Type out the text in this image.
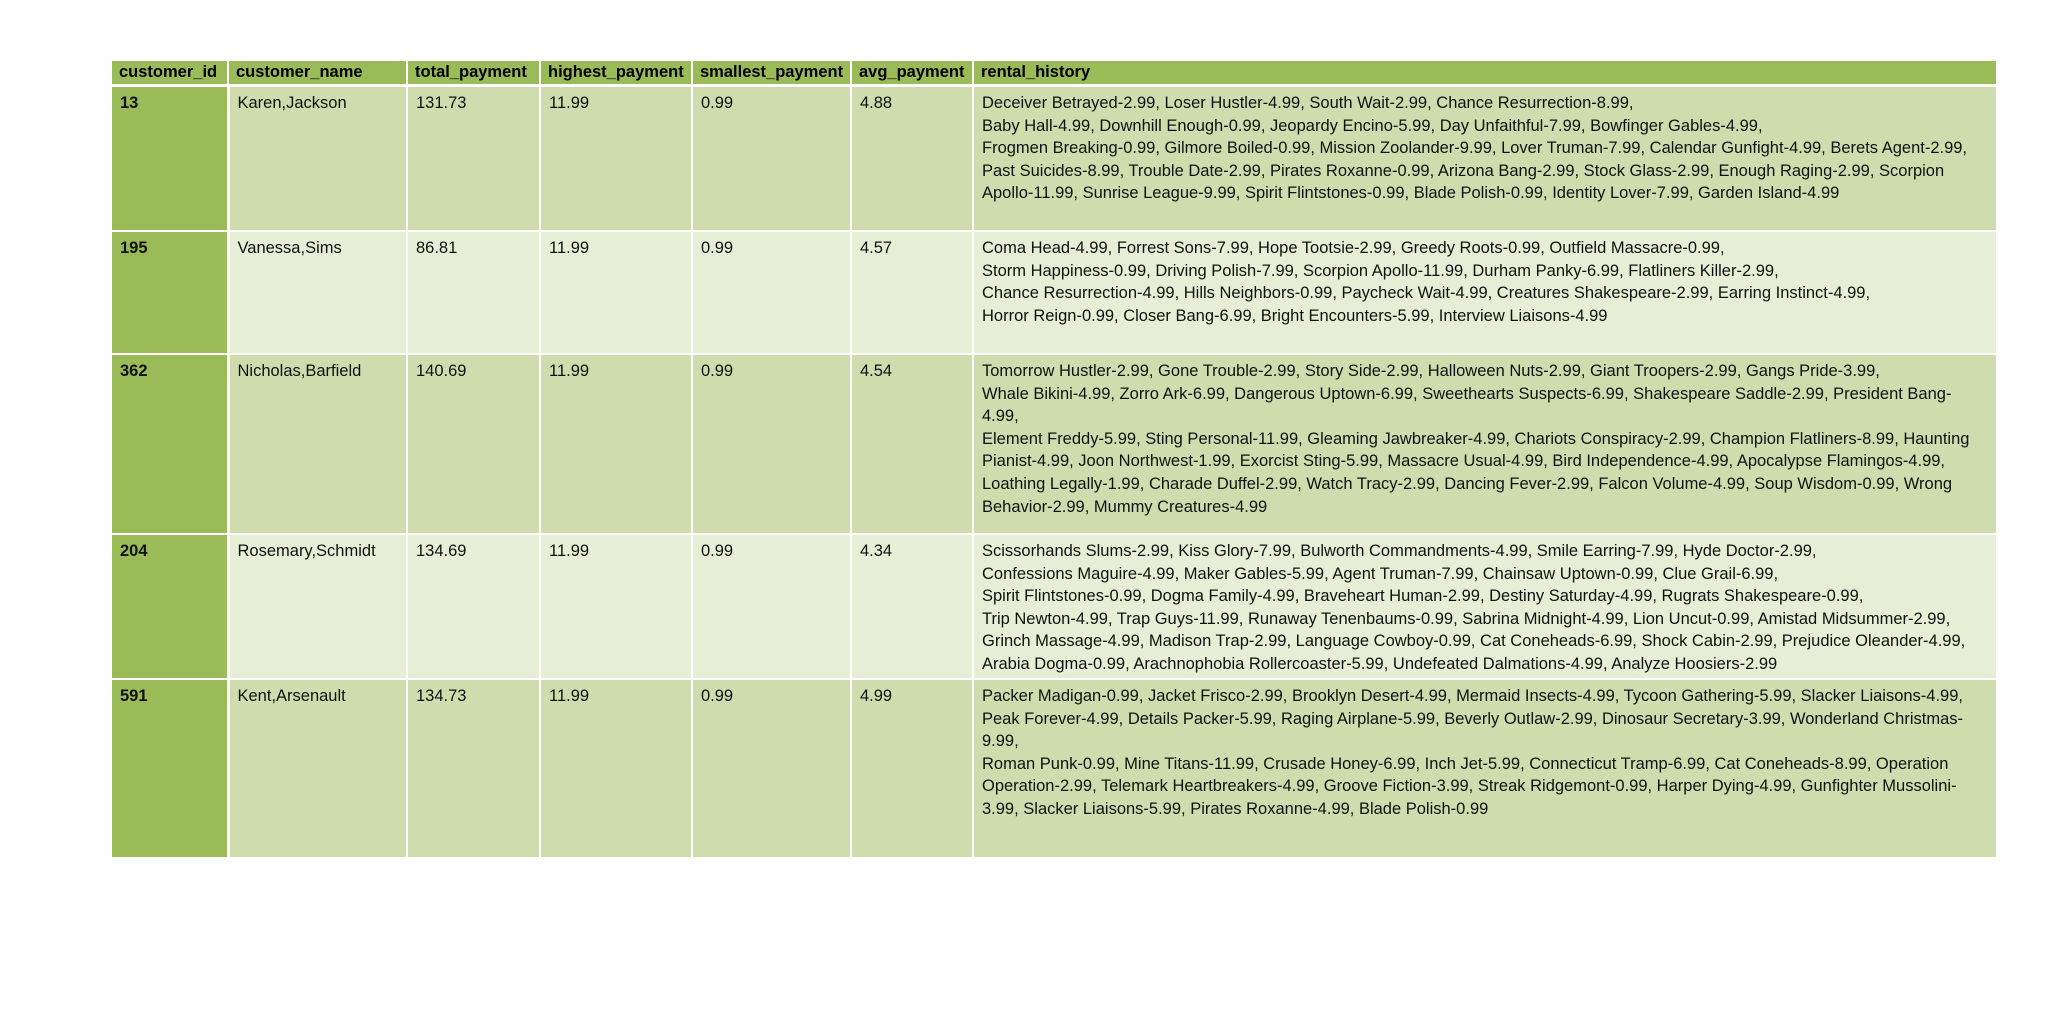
customer_id	customer_name	total_payment	highest_payment	smallest_payment	avg_payment	rental_history
13	Karen,Jackson	131.73	11.99	0.99	4.88	Deceiver Betrayed-2.99, Loser Hustler-4.99, South Wait-2.99, Chance Resurrection-8.99,
Baby Hall-4.99, Downhill Enough-0.99, Jeopardy Encino-5.99, Day Unfaithful-7.99, Bowfinger Gables-4.99,
Frogmen Breaking-0.99, Gilmore Boiled-0.99, Mission Zoolander-9.99, Lover Truman-7.99, Calendar Gunfight-4.99, Berets Agent-2.99, Past Suicides-8.99, Trouble Date-2.99, Pirates Roxanne-0.99, Arizona Bang-2.99, Stock Glass-2.99, Enough Raging-2.99, Scorpion Apollo-11.99, Sunrise League-9.99, Spirit Flintstones-0.99, Blade Polish-0.99, Identity Lover-7.99, Garden Island-4.99
195	Vanessa,Sims	86.81	11.99	0.99	4.57	Coma Head-4.99, Forrest Sons-7.99, Hope Tootsie-2.99, Greedy Roots-0.99, Outfield Massacre-0.99,
Storm Happiness-0.99, Driving Polish-7.99, Scorpion Apollo-11.99, Durham Panky-6.99, Flatliners Killer-2.99,
Chance Resurrection-4.99, Hills Neighbors-0.99, Paycheck Wait-4.99, Creatures Shakespeare-2.99, Earring Instinct-4.99,
Horror Reign-0.99, Closer Bang-6.99, Bright Encounters-5.99, Interview Liaisons-4.99
362	Nicholas,Barfield	140.69	11.99	0.99	4.54	Tomorrow Hustler-2.99, Gone Trouble-2.99, Story Side-2.99, Halloween Nuts-2.99, Giant Troopers-2.99, Gangs Pride-3.99,
Whale Bikini-4.99, Zorro Ark-6.99, Dangerous Uptown-6.99, Sweethearts Suspects-6.99, Shakespeare Saddle-2.99, President Bang-4.99,
Element Freddy-5.99, Sting Personal-11.99, Gleaming Jawbreaker-4.99, Chariots Conspiracy-2.99, Champion Flatliners-8.99, Haunting Pianist-4.99, Joon Northwest-1.99, Exorcist Sting-5.99, Massacre Usual-4.99, Bird Independence-4.99, Apocalypse Flamingos-4.99, Loathing Legally-1.99, Charade Duffel-2.99, Watch Tracy-2.99, Dancing Fever-2.99, Falcon Volume-4.99, Soup Wisdom-0.99, Wrong Behavior-2.99, Mummy Creatures-4.99
204	Rosemary,Schmidt	134.69	11.99	0.99	4.34	Scissorhands Slums-2.99, Kiss Glory-7.99, Bulworth Commandments-4.99, Smile Earring-7.99, Hyde Doctor-2.99,
Confessions Maguire-4.99, Maker Gables-5.99, Agent Truman-7.99, Chainsaw Uptown-0.99, Clue Grail-6.99,
Spirit Flintstones-0.99, Dogma Family-4.99, Braveheart Human-2.99, Destiny Saturday-4.99, Rugrats Shakespeare-0.99,
Trip Newton-4.99, Trap Guys-11.99, Runaway Tenenbaums-0.99, Sabrina Midnight-4.99, Lion Uncut-0.99, Amistad Midsummer-2.99, Grinch Massage-4.99, Madison Trap-2.99, Language Cowboy-0.99, Cat Coneheads-6.99, Shock Cabin-2.99, Prejudice Oleander-4.99, Arabia Dogma-0.99, Arachnophobia Rollercoaster-5.99, Undefeated Dalmations-4.99, Analyze Hoosiers-2.99
591	Kent,Arsenault	134.73	11.99	0.99	4.99	Packer Madigan-0.99, Jacket Frisco-2.99, Brooklyn Desert-4.99, Mermaid Insects-4.99, Tycoon Gathering-5.99, Slacker Liaisons-4.99, Peak Forever-4.99, Details Packer-5.99, Raging Airplane-5.99, Beverly Outlaw-2.99, Dinosaur Secretary-3.99, Wonderland Christmas-9.99,
Roman Punk-0.99, Mine Titans-11.99, Crusade Honey-6.99, Inch Jet-5.99, Connecticut Tramp-6.99, Cat Coneheads-8.99, Operation Operation-2.99, Telemark Heartbreakers-4.99, Groove Fiction-3.99, Streak Ridgemont-0.99, Harper Dying-4.99, Gunfighter Mussolini-3.99, Slacker Liaisons-5.99, Pirates Roxanne-4.99, Blade Polish-0.99
